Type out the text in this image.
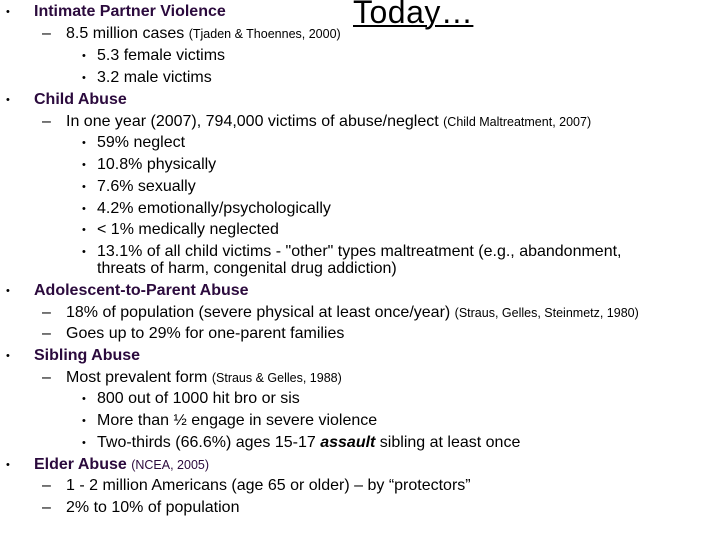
Today…
• Intimate Partner Violence
– 8.5 million cases (Tjaden & Thoennes, 2000)
• 5.3 female victims
• 3.2 male victims
• Child Abuse
– In one year (2007), 794,000 victims of abuse/neglect (Child Maltreatment, 2007)
• 59% neglect
• 10.8% physically
• 7.6% sexually
• 4.2% emotionally/psychologically
• < 1% medically neglected
• 13.1% of all child victims - "other" types maltreatment (e.g., abandonment,
threats of harm, congenital drug addiction)
• Adolescent-to-Parent Abuse
– 18% of population (severe physical at least once/year) (Straus, Gelles, Steinmetz, 1980)
– Goes up to 29% for one-parent families
• Sibling Abuse
– Most prevalent form (Straus & Gelles, 1988)
• 800 out of 1000 hit bro or sis
• More than ½ engage in severe violence
• Two-thirds (66.6%) ages 15-17 assault sibling at least once
• Elder Abuse (NCEA, 2005)
– 1 - 2 million Americans (age 65 or older) – by “protectors”
– 2% to 10% of population
